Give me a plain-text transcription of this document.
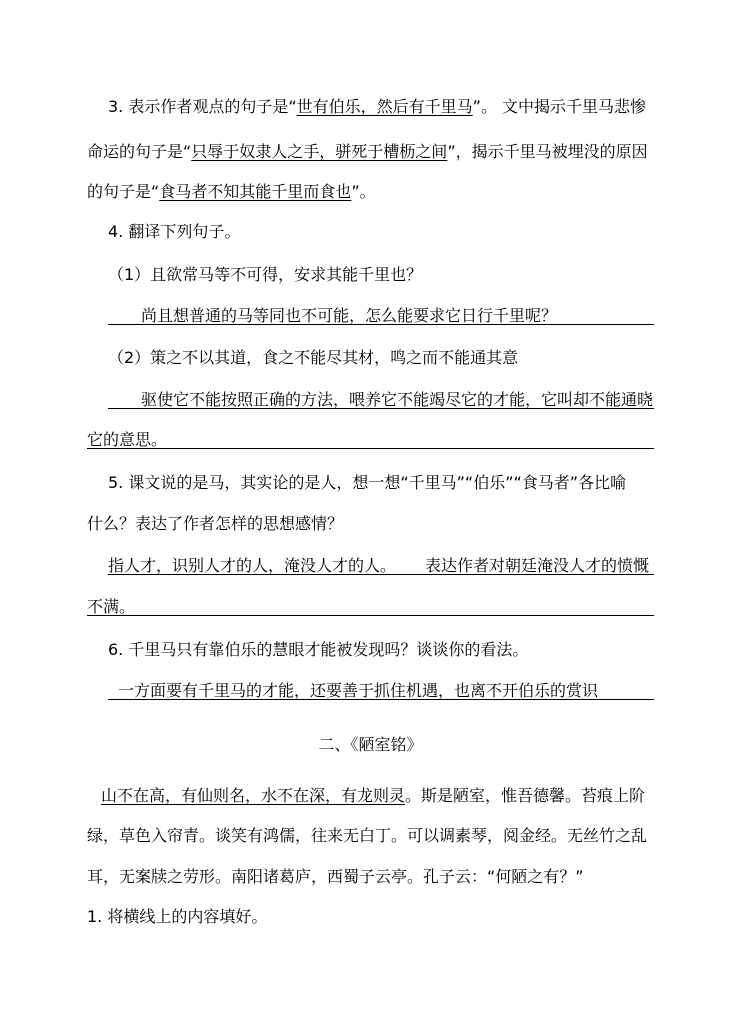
3. 表示作者观点的句子是“世有伯乐，然后有千里马”。 文中揭示千里马悲惨
命运的句子是“只辱于奴隶人之手，骈死于槽枥之间”，揭示千里马被埋没的原因
的句子是“食马者不知其能千里而食也”。
4. 翻译下列句子。
（1）且欲常马等不可得，安求其能千里也？
尚且想普通的马等同也不可能，怎么能要求它日行千里呢？
（2）策之不以其道，食之不能尽其材，鸣之而不能通其意
驱使它不能按照正确的方法，喂养它不能竭尽它的才能，它叫却不能通晓
它的意思。
5. 课文说的是马，其实论的是人，想一想“千里马”“伯乐”“食马者”各比喻
什么？表达了作者怎样的思想感情？
指人才，识别人才的人，淹没人才的人。 表达作者对朝廷淹没人才的愤慨
不满。
6. 千里马只有靠伯乐的慧眼才能被发现吗？谈谈你的看法。
一方面要有千里马的才能，还要善于抓住机遇，也离不开伯乐的赏识
二、《陋室铭》
山不在高，有仙则名，水不在深，有龙则灵。斯是陋室，惟吾德馨。苔痕上阶
绿，草色入帘青。谈笑有鸿儒，往来无白丁。可以调素琴，阅金经。无丝竹之乱
耳，无案牍之劳形。南阳诸葛庐，西蜀子云亭。孔子云：“何陋之有？”
1. 将横线上的内容填好。
